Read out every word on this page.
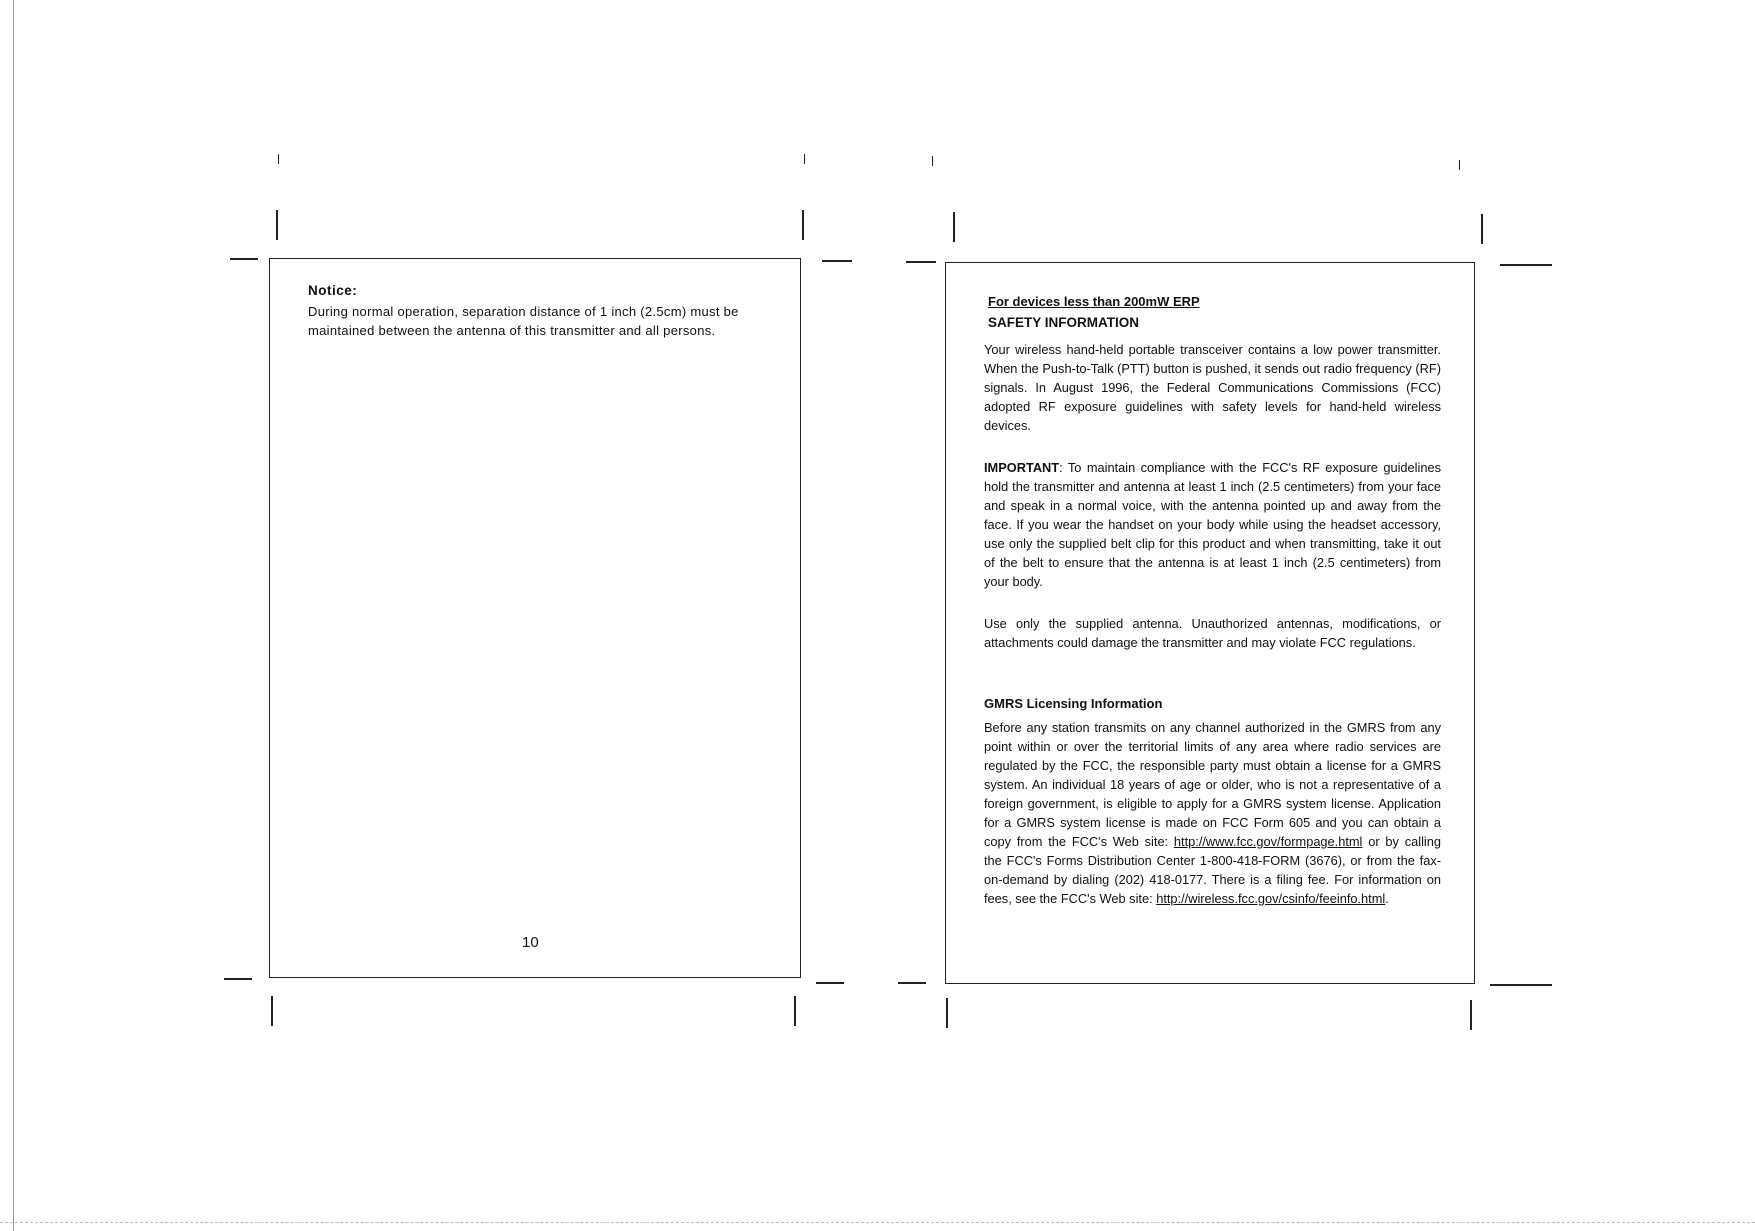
Notice:
During normal operation, separation distance of 1 inch (2.5cm) must be maintained between the antenna of this transmitter and all persons.
10
For devices less than 200mW ERP
SAFETY INFORMATION

Your wireless hand-held portable transceiver contains a low power transmitter. When the Push-to-Talk (PTT) button is pushed, it sends out radio frequency (RF) signals. In August 1996, the Federal Communications Commissions (FCC) adopted RF exposure guidelines with safety levels for hand-held wireless devices.

IMPORTANT: To maintain compliance with the FCC's RF exposure guidelines hold the transmitter and antenna at least 1 inch (2.5 centimeters) from your face and speak in a normal voice, with the antenna pointed up and away from the face. If you wear the handset on your body while using the headset accessory, use only the supplied belt clip for this product and when transmitting, take it out of the belt to ensure that the antenna is at least 1 inch (2.5 centimeters) from your body.

Use only the supplied antenna. Unauthorized antennas, modifications, or attachments could damage the transmitter and may violate FCC regulations.

GMRS Licensing Information

Before any station transmits on any channel authorized in the GMRS from any point within or over the territorial limits of any area where radio services are regulated by the FCC, the responsible party must obtain a license for a GMRS system. An individual 18 years of age or older, who is not a representative of a foreign government, is eligible to apply for a GMRS system license. Application for a GMRS system license is made on FCC Form 605 and you can obtain a copy from the FCC's Web site: http://www.fcc.gov/formpage.html or by calling the FCC's Forms Distribution Center 1-800-418-FORM (3676), or from the fax-on-demand by dialing (202) 418-0177. There is a filing fee. For information on fees, see the FCC's Web site: http://wireless.fcc.gov/csinfo/feeinfo.html.
